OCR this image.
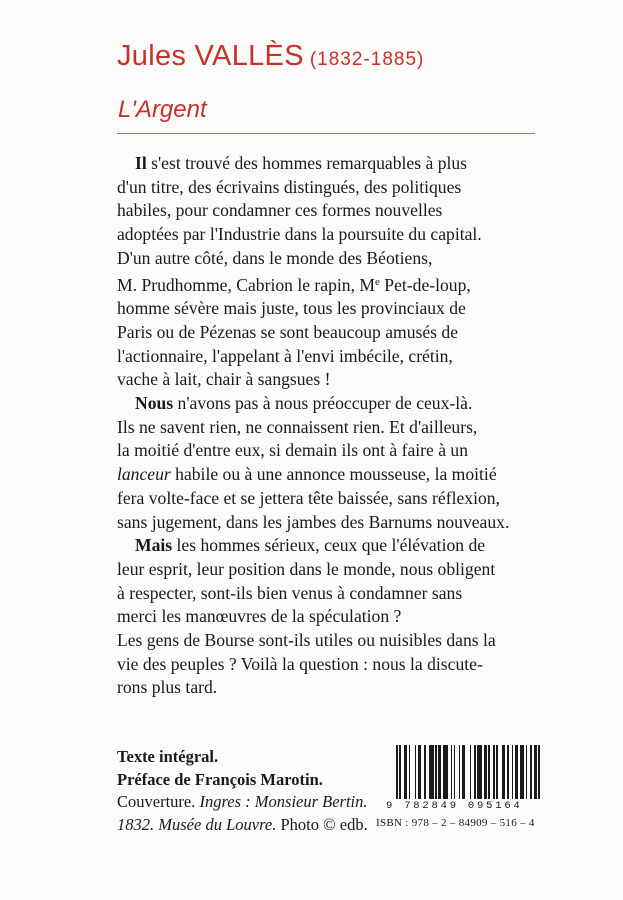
Jules VALLÈS (1832-1885)
L'Argent
Il s'est trouvé des hommes remarquables à plus
d'un titre, des écrivains distingués, des politiques
habiles, pour condamner ces formes nouvelles
adoptées par l'Industrie dans la poursuite du capital.
D'un autre côté, dans le monde des Béotiens,
M. Prudhomme, Cabrion le rapin, Me Pet-de-loup,
homme sévère mais juste, tous les provinciaux de
Paris ou de Pézenas se sont beaucoup amusés de
l'actionnaire, l'appelant à l'envi imbécile, crétin,
vache à lait, chair à sangsues !
Nous n'avons pas à nous préoccuper de ceux-là.
Ils ne savent rien, ne connaissent rien. Et d'ailleurs,
la moitié d'entre eux, si demain ils ont à faire à un
lanceur habile ou à une annonce mousseuse, la moitié
fera volte-face et se jettera tête baissée, sans réflexion,
sans jugement, dans les jambes des Barnums nouveaux.
Mais les hommes sérieux, ceux que l'élévation de
leur esprit, leur position dans le monde, nous obligent
à respecter, sont-ils bien venus à condamner sans
merci les manœuvres de la spéculation ?
Les gens de Bourse sont-ils utiles ou nuisibles dans la
vie des peuples ? Voilà la question : nous la discute-
rons plus tard.
Texte intégral.
Préface de François Marotin.
Couverture. Ingres : Monsieur Bertin.
1832. Musée du Louvre. Photo © edb.
9 782849 095164
ISBN : 978 – 2 – 84909 – 516 – 4
